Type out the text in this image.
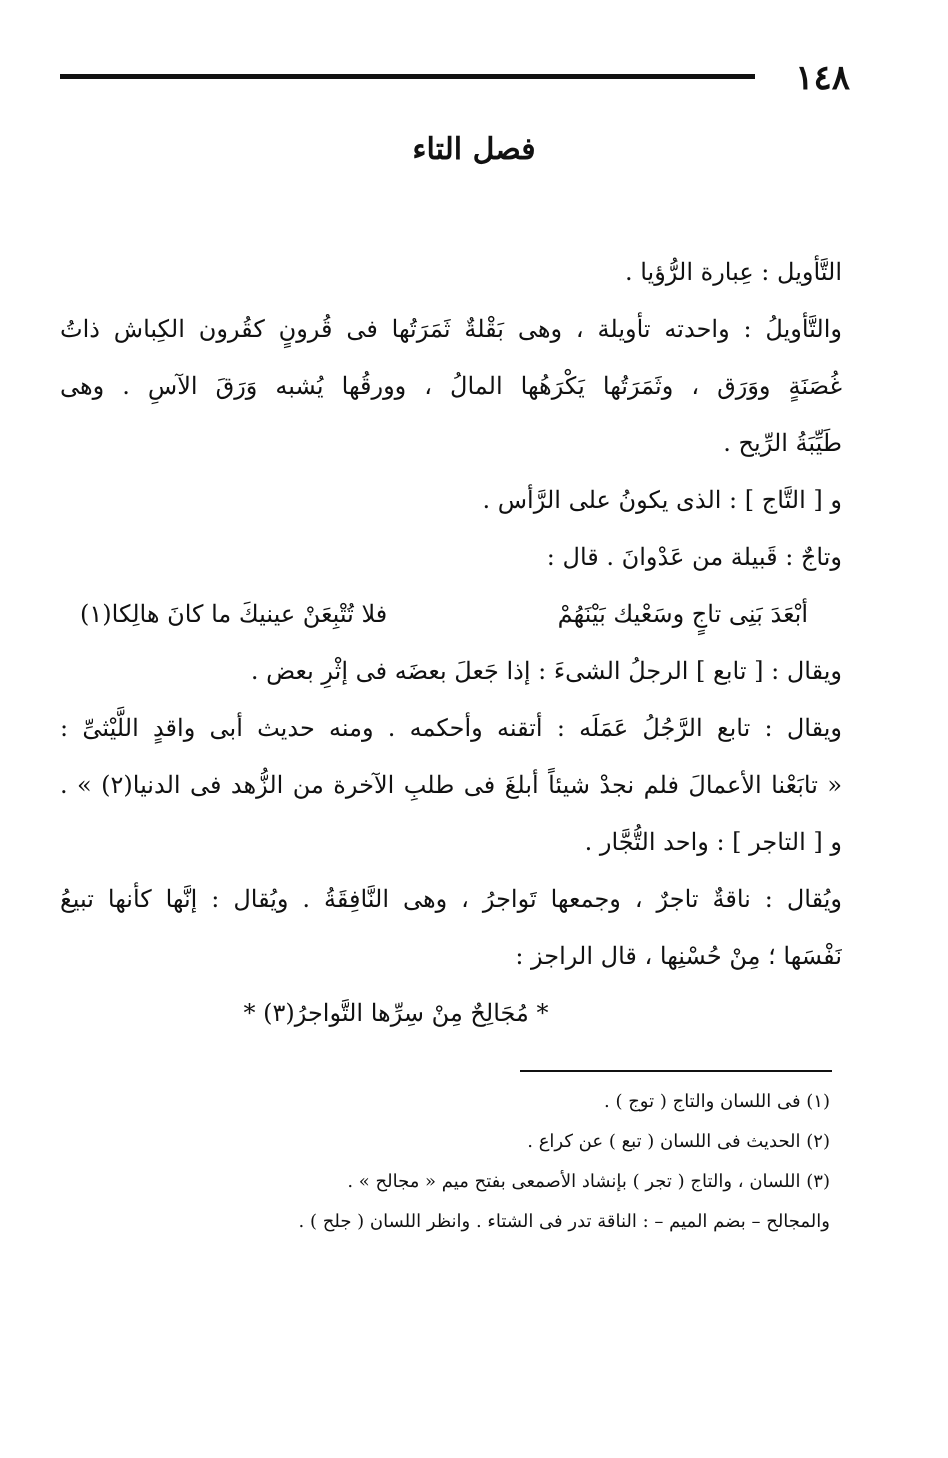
١٤٨
فصل التاء
التَّأويل : عِبارة الرُّؤيا .
والتَّأويلُ : واحدته تأويلة ، وهى بَقْلةٌ ثَمَرَتُها فى قُرونٍ كقُرون الكِباش ذاتُ
غُصَنَةٍ ووَرَق ، وثَمَرَتُها يَكْرَهُها المالُ ، وورقُها يُشبه وَرَقَ الآسِ . وهى
طَيِّبَةُ الرِّيح .
و [ التَّاج ] : الذى يكونُ على الرَّأس .
وتاجٌ : قَبيلة من عَدْوانَ . قال :
أبْعَدَ بَنِى تاجٍ وسَعْيك بَيْنَهُمْ
فلا تُتْبِعَنْ عينيكَ ما كانَ هالِكا(١)
ويقال : [ تابع ] الرجلُ الشىءَ : إذا جَعلَ بعضَه فى إثْرِ بعض .
ويقال : تابع الرَّجُلُ عَمَلَه : أتقنه وأحكمه . ومنه حديث أبى واقدٍ اللَّيْثىِّ :
« تابَعْنا الأعمالَ فلم نجدْ شيئاً أبلغَ فى طلبِ الآخرة من الزُّهد فى الدنيا(٢) » .
و [ التاجر ] : واحد التُّجَّار .
ويُقال : ناقةٌ تاجرٌ ، وجمعها تَواجرُ ، وهى النَّافِقَةُ . ويُقال : إنَّها كأنها تبيعُ
نَفْسَها ؛ مِنْ حُسْنِها ، قال الراجز :
* مُجَالِحٌ مِنْ سِرِّها التَّواجرُ(٣) *
(١) فى اللسان والتاج ( توج ) .
(٢) الحديث فى اللسان ( تبع ) عن كراع .
(٣) اللسان ، والتاج ( تجر ) بإنشاد الأصمعى بفتح ميم « مجالح » .
والمجالح – بضم الميم – : الناقة تدر فى الشتاء . وانظر اللسان ( جلح ) .
